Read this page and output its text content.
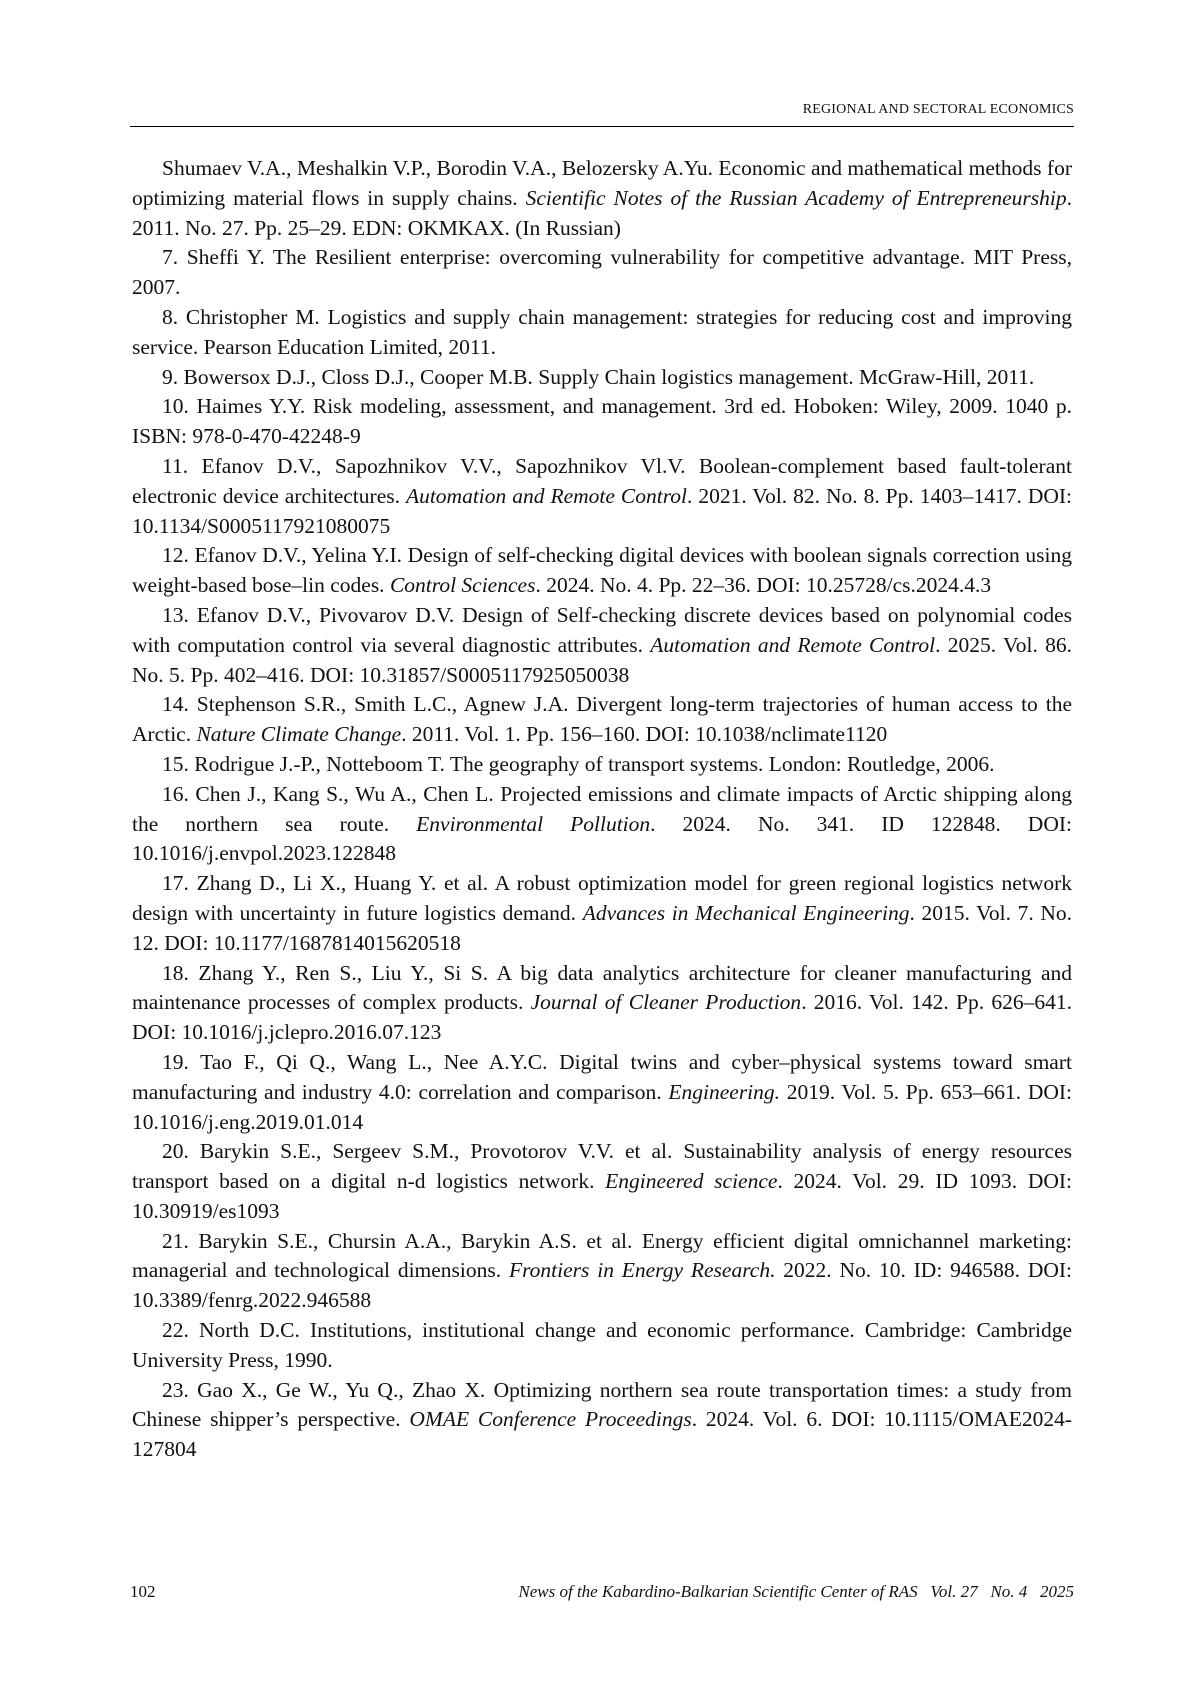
REGIONAL AND SECTORAL ECONOMICS

Shumaev V.A., Meshalkin V.P., Borodin V.A., Belozersky A.Yu. Economic and mathematical methods for optimizing material flows in supply chains. Scientific Notes of the Russian Academy of Entrepreneurship. 2011. No. 27. Pp. 25–29. EDN: OKMKAX. (In Russian)

7. Sheffi Y. The Resilient enterprise: overcoming vulnerability for competitive advantage. MIT Press, 2007.

8. Christopher M. Logistics and supply chain management: strategies for reducing cost and improving service. Pearson Education Limited, 2011.

9. Bowersox D.J., Closs D.J., Cooper M.B. Supply Chain logistics management. McGraw-Hill, 2011.

10. Haimes Y.Y. Risk modeling, assessment, and management. 3rd ed. Hoboken: Wiley, 2009. 1040 p. ISBN: 978-0-470-42248-9

11. Efanov D.V., Sapozhnikov V.V., Sapozhnikov Vl.V. Boolean-complement based fault-tolerant electronic device architectures. Automation and Remote Control. 2021. Vol. 82. No. 8. Pp. 1403–1417. DOI: 10.1134/S0005117921080075

12. Efanov D.V., Yelina Y.I. Design of self-checking digital devices with boolean signals correction using weight-based bose–lin codes. Control Sciences. 2024. No. 4. Pp. 22–36. DOI: 10.25728/cs.2024.4.3

13. Efanov D.V., Pivovarov D.V. Design of Self-checking discrete devices based on polynomial codes with computation control via several diagnostic attributes. Automation and Remote Control. 2025. Vol. 86. No. 5. Pp. 402–416. DOI: 10.31857/S0005117925050038

14. Stephenson S.R., Smith L.C., Agnew J.A. Divergent long-term trajectories of human access to the Arctic. Nature Climate Change. 2011. Vol. 1. Pp. 156–160. DOI: 10.1038/nclimate1120

15. Rodrigue J.-P., Notteboom T. The geography of transport systems. London: Routledge, 2006.

16. Chen J., Kang S., Wu A., Chen L. Projected emissions and climate impacts of Arctic shipping along the northern sea route. Environmental Pollution. 2024. No. 341. ID 122848. DOI: 10.1016/j.envpol.2023.122848

17. Zhang D., Li X., Huang Y. et al. A robust optimization model for green regional logistics network design with uncertainty in future logistics demand. Advances in Mechanical Engineering. 2015. Vol. 7. No. 12. DOI: 10.1177/1687814015620518

18. Zhang Y., Ren S., Liu Y., Si S. A big data analytics architecture for cleaner manufacturing and maintenance processes of complex products. Journal of Cleaner Production. 2016. Vol. 142. Pp. 626–641. DOI: 10.1016/j.jclepro.2016.07.123

19. Tao F., Qi Q., Wang L., Nee A.Y.C. Digital twins and cyber–physical systems toward smart manufacturing and industry 4.0: correlation and comparison. Engineering. 2019. Vol. 5. Pp. 653–661. DOI: 10.1016/j.eng.2019.01.014

20. Barykin S.E., Sergeev S.M., Provotorov V.V. et al. Sustainability analysis of energy resources transport based on a digital n-d logistics network. Engineered science. 2024. Vol. 29. ID 1093. DOI: 10.30919/es1093

21. Barykin S.E., Chursin A.A., Barykin A.S. et al. Energy efficient digital omnichannel marketing: managerial and technological dimensions. Frontiers in Energy Research. 2022. No. 10. ID: 946588. DOI: 10.3389/fenrg.2022.946588

22. North D.C. Institutions, institutional change and economic performance. Cambridge: Cambridge University Press, 1990.

23. Gao X., Ge W., Yu Q., Zhao X. Optimizing northern sea route transportation times: a study from Chinese shipper’s perspective. OMAE Conference Proceedings. 2024. Vol. 6. DOI: 10.1115/OMAE2024-127804

102	News of the Kabardino-Balkarian Scientific Center of RAS   Vol. 27   No. 4   2025
